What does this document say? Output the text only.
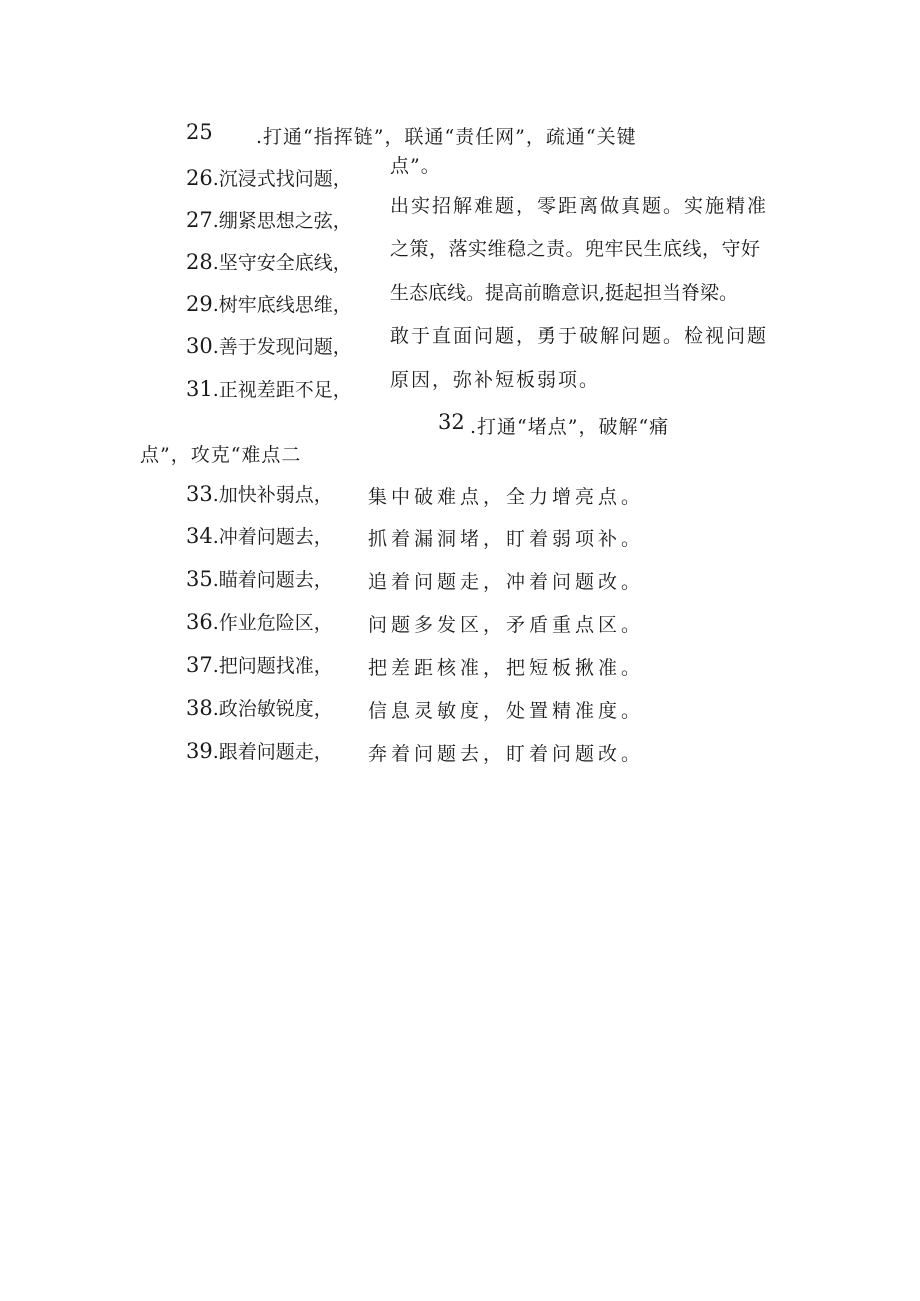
25 .打通“指挥链”，联通“责任网”，疏通“关键
点”。
26.沉浸式找问题，
27.绷紧思想之弦，
28.坚守安全底线，
29.树牢底线思维，
30.善于发现问题，
31.正视差距不足，
出实招解难题，零距离做真题。实施精准
之策，落实维稳之责。兜牢民生底线，守好
生态底线。提高前瞻意识,挺起担当脊梁。
敢于直面问题，勇于破解问题。检视问题
原因，弥补短板弱项。
32 .打通“堵点”，破解“痛
点”，攻克“难点二
33.加快补弱点， 集中破难点，全力增亮点。
34.冲着问题去， 抓着漏洞堵，盯着弱项补。
35.瞄着问题去， 追着问题走，冲着问题改。
36.作业危险区， 问题多发区，矛盾重点区。
37.把问题找准， 把差距核准，把短板揪准。
38.政治敏锐度， 信息灵敏度，处置精准度。
39.跟着问题走， 奔着问题去，盯着问题改。
